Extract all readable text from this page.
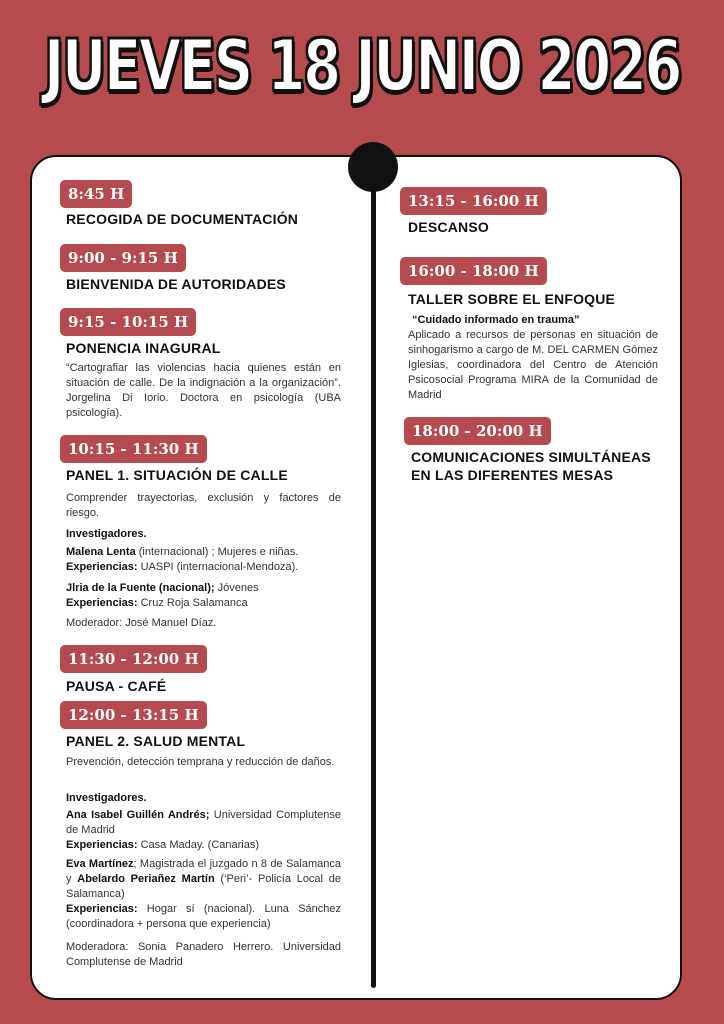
JUEVES 18 JUNIO 2026
8:45 H
RECOGIDA DE DOCUMENTACIÓN
9:00 - 9:15 H
BIENVENIDA DE AUTORIDADES
9:15 - 10:15 H
PONENCIA INAGURAL
“Cartografiar las violencias hacia quienes están en situación de calle. De la indignación a la organización”. Jorgelina Di Iorio. Doctora en psicología (UBA psicología).
10:15 - 11:30 H
PANEL 1. SITUACIÓN DE CALLE
Comprender trayectorias, exclusión y factores de riesgo.
Investigadores.
Malena Lenta (internacional) ; Mujeres e niñas.
Experiencias: UASPI (internacional-Mendoza).
Jlria de la Fuente (nacional); Jóvenes
Experiencias: Cruz Roja Salamanca
Moderador: José Manuel Díaz.
11:30 - 12:00 H
PAUSA - CAFÉ
12:00 - 13:15 H
PANEL 2. SALUD MENTAL
Prevención, detección temprana y reducción de daños.
Investigadores.
Ana Isabel Guillén Andrés; Universidad Complutense de Madrid
Experiencias: Casa Maday. (Canarias)
Eva Martínez; Magistrada el juzgado n 8 de Salamanca y Abelardo Periañez Martín (‘Peri’- Policía Local de Salamanca)
Experiencias: Hogar sí (nacional). Luna Sánchez (coordinadora + persona que experiencia)
Moderadora: Sonia Panadero Herrero. Universidad Complutense de Madrid
13:15 - 16:00 H
DESCANSO
16:00 - 18:00 H
TALLER SOBRE EL ENFOQUE
“Cuidado informado en trauma”
Aplicado a recursos de personas en situación de sinhogarismo a cargo de M. DEL CARMEN Gómez Iglesias, coordinadora del Centro de Atención Psicosocial Programa MIRA de la Comunidad de Madrid
18:00 - 20:00 H
COMUNICACIONES SIMULTÁNEAS EN LAS DIFERENTES MESAS
